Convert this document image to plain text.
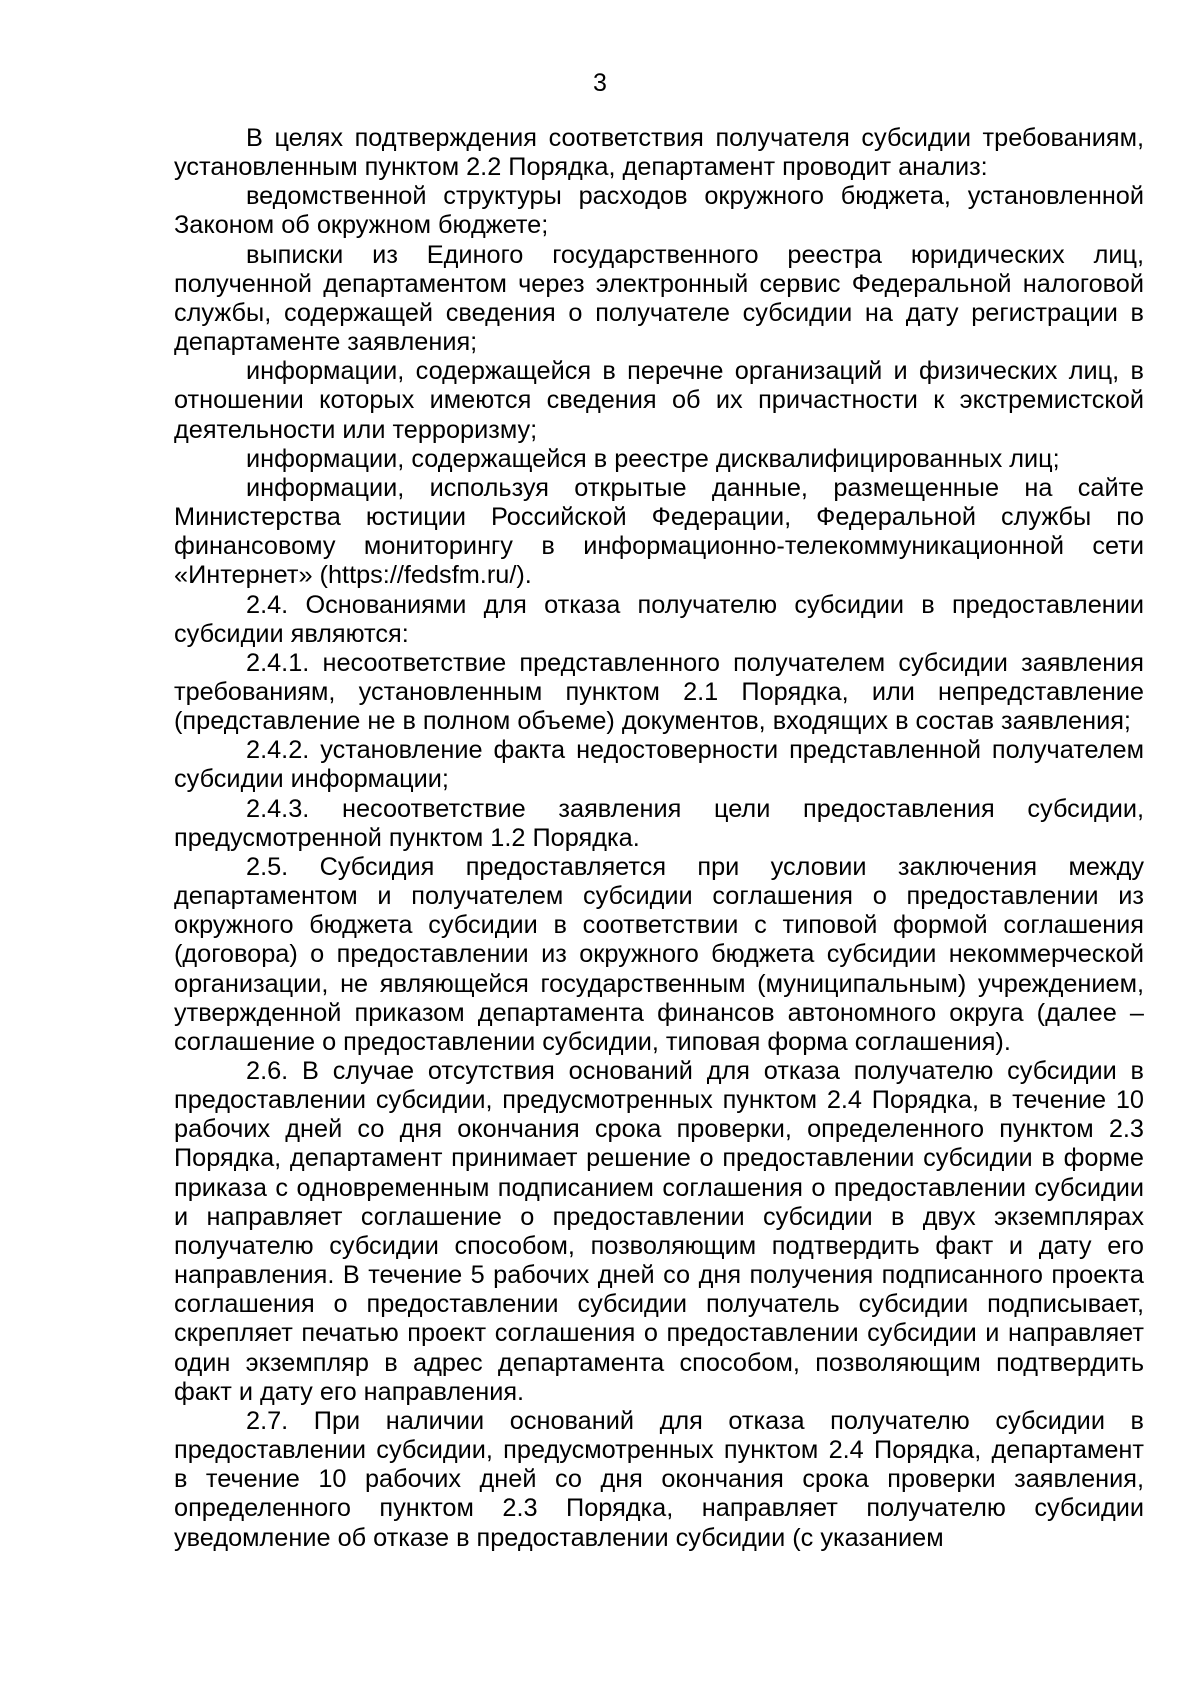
3

В целях подтверждения соответствия получателя субсидии требованиям, установленным пунктом 2.2 Порядка, департамент проводит анализ:

ведомственной структуры расходов окружного бюджета, установленной Законом об окружном бюджете;

выписки из Единого государственного реестра юридических лиц, полученной департаментом через электронный сервис Федеральной налоговой службы, содержащей сведения о получателе субсидии на дату регистрации в департаменте заявления;

информации, содержащейся в перечне организаций и физических лиц, в отношении которых имеются сведения об их причастности к экстремистской деятельности или терроризму;

информации, содержащейся в реестре дисквалифицированных лиц;

информации, используя открытые данные, размещенные на сайте Министерства юстиции Российской Федерации, Федеральной службы по финансовому мониторингу в информационно-телекоммуникационной сети «Интернет» (https://fedsfm.ru/).

2.4. Основаниями для отказа получателю субсидии в предоставлении субсидии являются:

2.4.1. несоответствие представленного получателем субсидии заявления требованиям, установленным пунктом 2.1 Порядка, или непредставление (представление не в полном объеме) документов, входящих в состав заявления;

2.4.2. установление факта недостоверности представленной получателем субсидии информации;

2.4.3. несоответствие заявления цели предоставления субсидии, предусмотренной пунктом 1.2 Порядка.

2.5. Субсидия предоставляется при условии заключения между департаментом и получателем субсидии соглашения о предоставлении из окружного бюджета субсидии в соответствии с типовой формой соглашения (договора) о предоставлении из окружного бюджета субсидии некоммерческой организации, не являющейся государственным (муниципальным) учреждением, утвержденной приказом департамента финансов автономного округа (далее – соглашение о предоставлении субсидии, типовая форма соглашения).

2.6. В случае отсутствия оснований для отказа получателю субсидии в предоставлении субсидии, предусмотренных пунктом 2.4 Порядка, в течение 10 рабочих дней со дня окончания срока проверки, определенного пунктом 2.3 Порядка, департамент принимает решение о предоставлении субсидии в форме приказа с одновременным подписанием соглашения о предоставлении субсидии и направляет соглашение о предоставлении субсидии в двух экземплярах получателю субсидии способом, позволяющим подтвердить факт и дату его направления. В течение 5 рабочих дней со дня получения подписанного проекта соглашения о предоставлении субсидии получатель субсидии подписывает, скрепляет печатью проект соглашения о предоставлении субсидии и направляет один экземпляр в адрес департамента способом, позволяющим подтвердить факт и дату его направления.

2.7. При наличии оснований для отказа получателю субсидии в предоставлении субсидии, предусмотренных пунктом 2.4 Порядка, департамент в течение 10 рабочих дней со дня окончания срока проверки заявления, определенного пунктом 2.3 Порядка, направляет получателю субсидии уведомление об отказе в предоставлении субсидии (с указанием
